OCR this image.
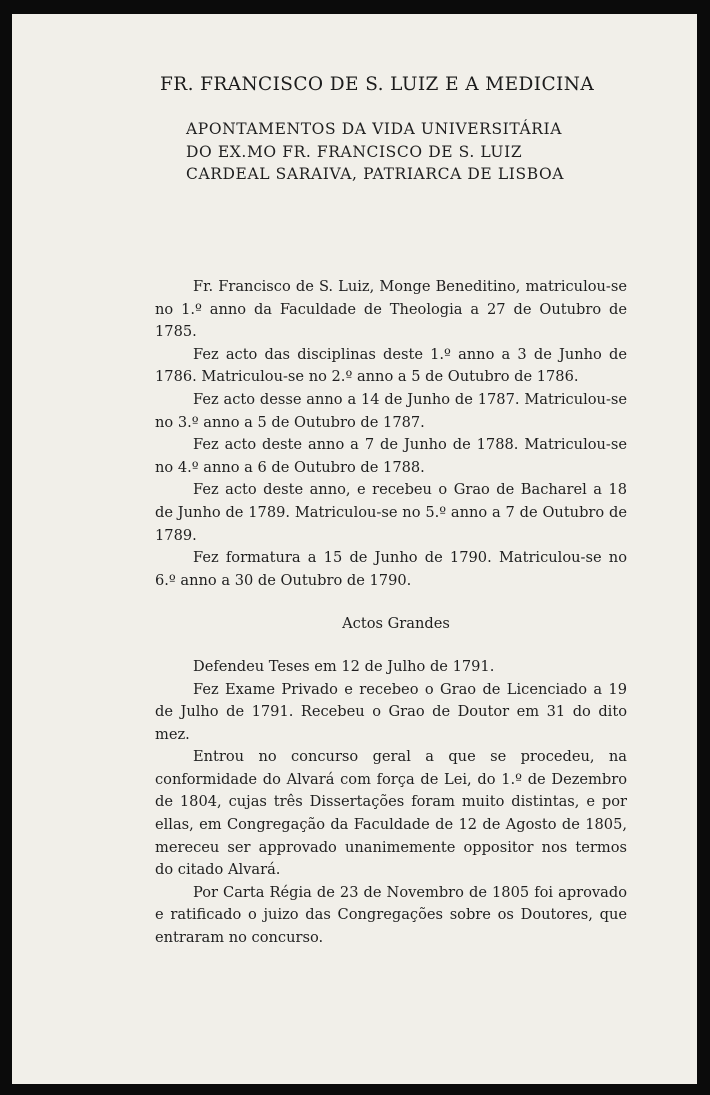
FR. FRANCISCO DE S. LUIZ E A MEDICINA
APONTAMENTOS DA VIDA UNIVERSITÁRIA
DO EX.MO FR. FRANCISCO DE S. LUIZ
CARDEAL SARAIVA, PATRIARCA DE LISBOA

Fr. Francisco de S. Luiz, Monge Beneditino, matriculou-se no 1.º anno da Faculdade de Theologia a 27 de Outubro de 1785.

Fez acto das disciplinas deste 1.º anno a 3 de Junho de 1786. Matriculou-se no 2.º anno a 5 de Outubro de 1786.

Fez acto desse anno a 14 de Junho de 1787. Matriculou-se no 3.º anno a 5 de Outubro de 1787.

Fez acto deste anno a 7 de Junho de 1788. Matriculou-se no 4.º anno a 6 de Outubro de 1788.

Fez acto deste anno, e recebeu o Grao de Bacharel a 18 de Junho de 1789. Matriculou-se no 5.º anno a 7 de Outubro de 1789.

Fez formatura a 15 de Junho de 1790. Matriculou-se no 6.º anno a 30 de Outubro de 1790.

Actos Grandes

Defendeu Teses em 12 de Julho de 1791.

Fez Exame Privado e recebeo o Grao de Licenciado a 19 de Julho de 1791. Recebeu o Grao de Doutor em 31 do dito mez.

Entrou no concurso geral a que se procedeu, na conformidade do Alvará com força de Lei, do 1.º de Dezembro de 1804, cujas três Dissertações foram muito distintas, e por ellas, em Congregação da Faculdade de 12 de Agosto de 1805, mereceu ser approvado unanimemente oppositor nos termos do citado Alvará.

Por Carta Régia de 23 de Novembro de 1805 foi aprovado e ratificado o juizo das Congregações sobre os Doutores, que entraram no concurso.
